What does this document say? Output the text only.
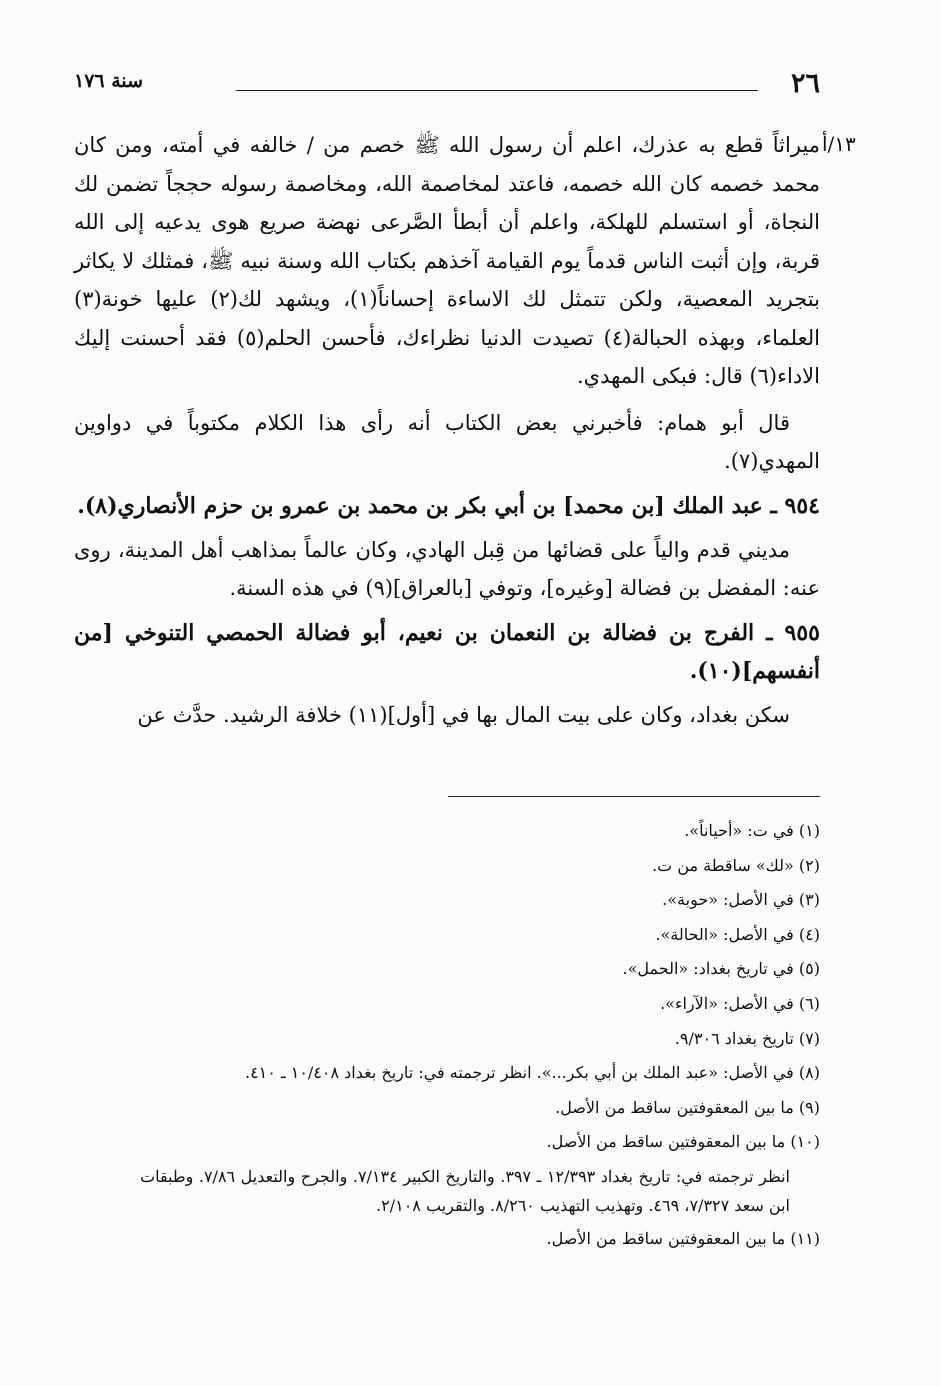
٢٦
سنة ١٧٦
١٣/أ

ميراثاً قطع به عذرك، اعلم أن رسول الله ﷺ خصم من / خالفه في أمته، ومن كان محمد خصمه كان الله خصمه، فاعتد لمخاصمة الله، ومخاصمة رسوله حججاً تضمن لك النجاة، أو استسلم للهلكة، واعلم أن أبطأ الصَّرعى نهضة صريع هوى يدعيه إلى الله قربة، وإن أثبت الناس قدماً يوم القيامة آخذهم بكتاب الله وسنة نبيه ﷺ، فمثلك لا يكاثر بتجريد المعصية، ولكن تتمثل لك الاساءة إحساناً(١)، ويشهد لك(٢) عليها خونة(٣) العلماء، وبهذه الحبالة(٤) تصيدت الدنيا نظراءك، فأحسن الحلم(٥) فقد أحسنت إليك الاداء(٦) قال: فبكى المهدي.

قال أبو همام: فأخبرني بعض الكتاب أنه رأى هذا الكلام مكتوباً في دواوين المهدي(٧).

٩٥٤ ـ عبد الملك [بن محمد] بن أبي بكر بن محمد بن عمرو بن حزم الأنصاري(٨).

مديني قدم والياً على قضائها من قِبل الهادي، وكان عالماً بمذاهب أهل المدينة، روى عنه: المفضل بن فضالة [وغيره]، وتوفي [بالعراق](٩) في هذه السنة.

٩٥٥ ـ الفرج بن فضالة بن النعمان بن نعيم، أبو فضالة الحمصي التنوخي [من أنفسهم](١٠).

سكن بغداد، وكان على بيت المال بها في [أول](١١) خلافة الرشيد. حدَّث عن

(١) في ت: «أحياناً».

(٢) «لك» ساقطة من ت.

(٣) في الأصل: «حوبة».

(٤) في الأصل: «الحالة».

(٥) في تاريخ بغداد: «الحمل».

(٦) في الأصل: «الآراء».

(٧) تاريخ بغداد ٩/٣٠٦.

(٨) في الأصل: «عبد الملك بن أبي بكر...». انظر ترجمته في: تاريخ بغداد ١٠/٤٠٨ ـ ٤١٠.

(٩) ما بين المعقوفتين ساقط من الأصل.

(١٠) ما بين المعقوفتين ساقط من الأصل.

انظر ترجمته في: تاريخ بغداد ١٢/٣٩٣ ـ ٣٩٧. والتاريخ الكبير ٧/١٣٤. والجرح والتعديل ٧/٨٦. وطبقات ابن سعد ٧/٣٢٧، ٤٦٩. وتهذيب التهذيب ٨/٢٦٠. والتقريب ٢/١٠٨.

(١١) ما بين المعقوفتين ساقط من الأصل.
